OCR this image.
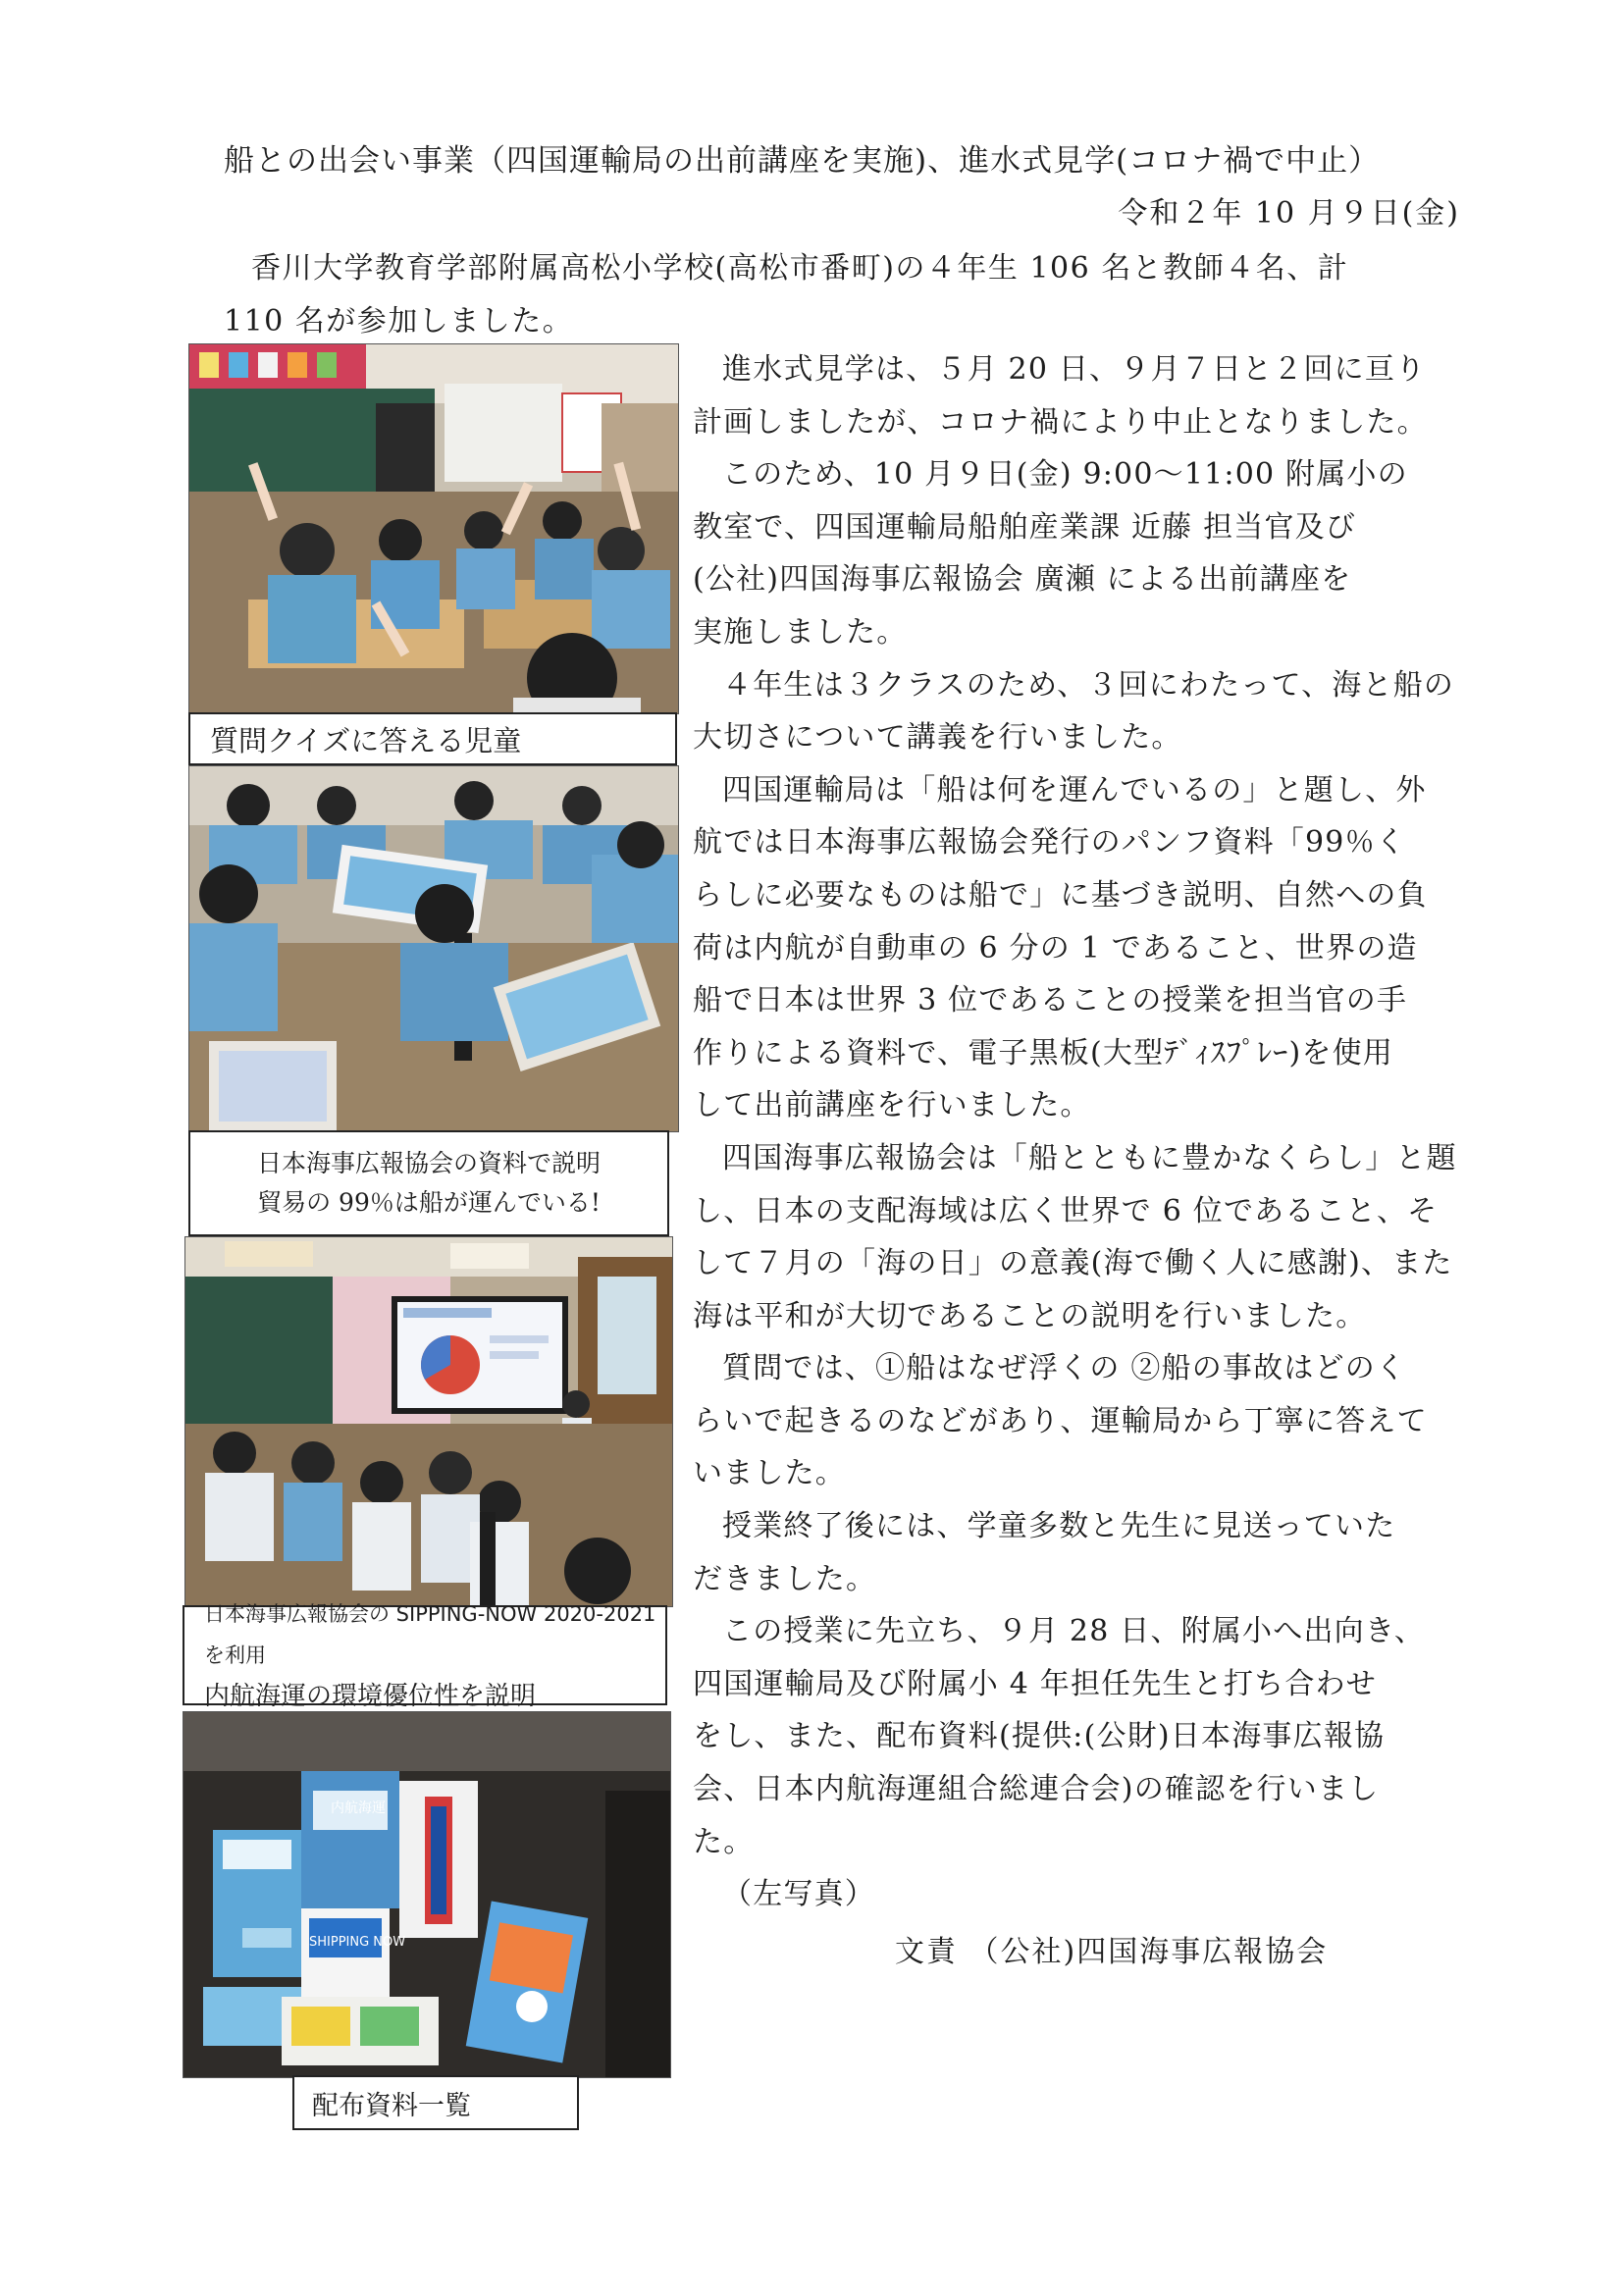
船との出会い事業（四国運輸局の出前講座を実施)、進水式見学(コロナ禍で中止）
令和２年 10 月９日(金)
香川大学教育学部附属高松小学校(高松市番町)の４年生 106 名と教師４名、計
110 名が参加しました。
質問クイズに答える児童
日本海事広報協会の資料で説明
貿易の 99％は船が運んでいる!
日本海事広報協会の SIPPING-NOW 2020-2021 を利用
内航海運の環境優位性を説明
内航海運
SHIPPING NOW
配布資料一覧

進水式見学は、５月 20 日、９月７日と２回に亘り

計画しましたが、コロナ禍により中止となりました。

このため、10 月９日(金) 9:00～11:00 附属小の

教室で、四国運輸局船舶産業課 近藤 担当官及び

(公社)四国海事広報協会 廣瀬 による出前講座を

実施しました。

４年生は３クラスのため、３回にわたって、海と船の

大切さについて講義を行いました。

四国運輸局は「船は何を運んでいるの」と題し、外

航では日本海事広報協会発行のパンフ資料「99％く

らしに必要なものは船で」に基づき説明、自然への負

荷は内航が自動車の 6 分の 1 であること、世界の造

船で日本は世界 3 位であることの授業を担当官の手

作りによる資料で、電子黒板(大型ﾃﾞｨｽﾌﾟﾚｰ)を使用

して出前講座を行いました。

四国海事広報協会は「船とともに豊かなくらし」と題

し、日本の支配海域は広く世界で 6 位であること、そ

して７月の「海の日」の意義(海で働く人に感謝)、また

海は平和が大切であることの説明を行いました。

質問では、①船はなぜ浮くの ②船の事故はどのく

らいで起きるのなどがあり、運輸局から丁寧に答えて

いました。

授業終了後には、学童多数と先生に見送っていた

だきました。

この授業に先立ち、９月 28 日、附属小へ出向き、

四国運輸局及び附属小 4 年担任先生と打ち合わせ

をし、また、配布資料(提供:(公財)日本海事広報協

会、日本内航海運組合総連合会)の確認を行いまし

た。

（左写真）

文責 （公社)四国海事広報協会
